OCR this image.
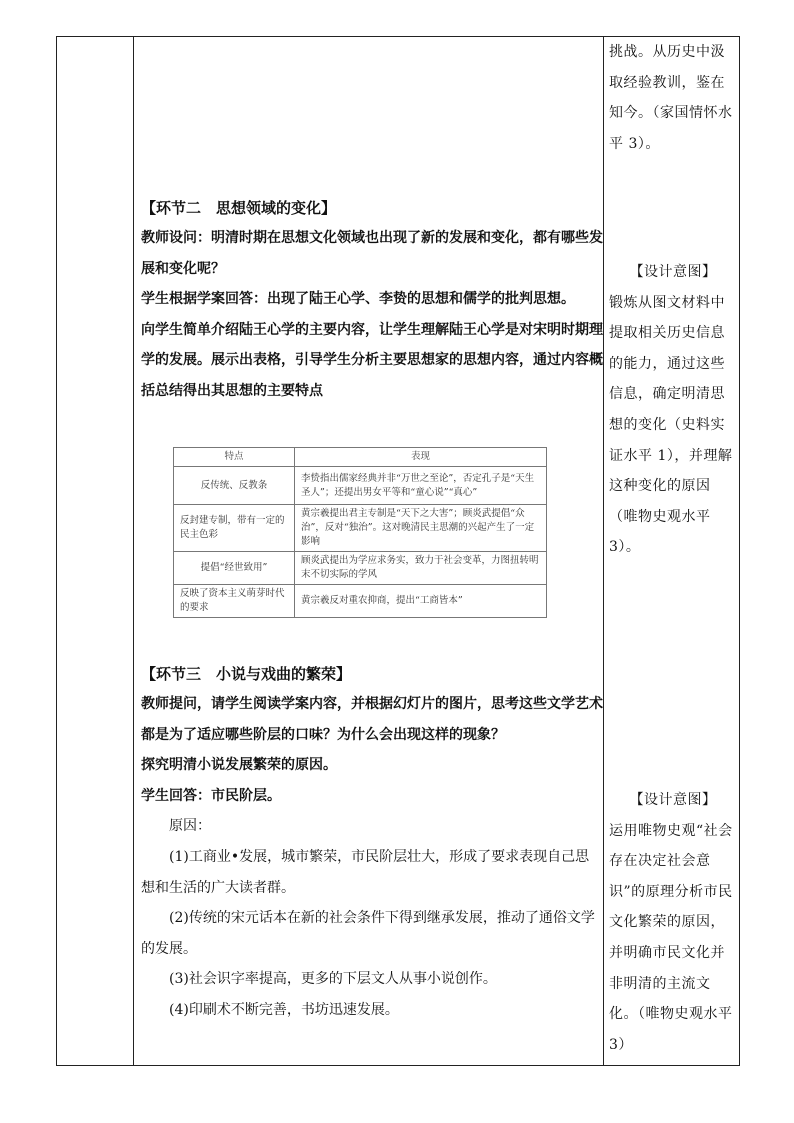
挑战。从历史中汲取经验教训，鉴在知今。（家国情怀水平 3）。

【环节二　思想领域的变化】

教师设问：明清时期在思想文化领域也出现了新的发展和变化，都有哪些发展和变化呢？

学生根据学案回答：出现了陆王心学、李贽的思想和儒学的批判思想。

向学生简单介绍陆王心学的主要内容，让学生理解陆王心学是对宋明时期理学的发展。展示出表格，引导学生分析主要思想家的思想内容，通过内容概括总结得出其思想的主要特点

特点	表现
反传统、反教条	李贽指出儒家经典并非“万世之至论”，否定孔子是“天生圣人”；还提出男女平等和“童心说”“真心”
反封建专制，带有一定的民主色彩	黄宗羲提出君主专制是“天下之大害”；顾炎武提倡“众治”，反对“独治”。这对晚清民主思潮的兴起产生了一定影响
提倡“经世致用”	顾炎武提出为学应求务实，致力于社会变革，力图扭转明末不切实际的学风
反映了资本主义萌芽时代的要求	黄宗羲反对重农抑商，提出“工商皆本”

【设计意图】

锻炼从图文材料中提取相关历史信息的能力，通过这些信息，确定明清思想的变化（史料实证水平 1），并理解这种变化的原因（唯物史观水平 3）。

【环节三　小说与戏曲的繁荣】

教师提问，请学生阅读学案内容，并根据幻灯片的图片，思考这些文学艺术都是为了适应哪些阶层的口味？为什么会出现这样的现象？

探究明清小说发展繁荣的原因。

学生回答：市民阶层。

原因：

(1)工商业•发展，城市繁荣，市民阶层壮大，形成了要求表现自己思想和生活的广大读者群。

(2)传统的宋元话本在新的社会条件下得到继承发展，推动了通俗文学的发展。

(3)社会识字率提高，更多的下层文人从事小说创作。

(4)印刷术不断完善，书坊迅速发展。

【设计意图】

运用唯物史观“社会存在决定社会意识”的原理分析市民文化繁荣的原因，并明确市民文化并非明清的主流文化。（唯物史观水平 3）
